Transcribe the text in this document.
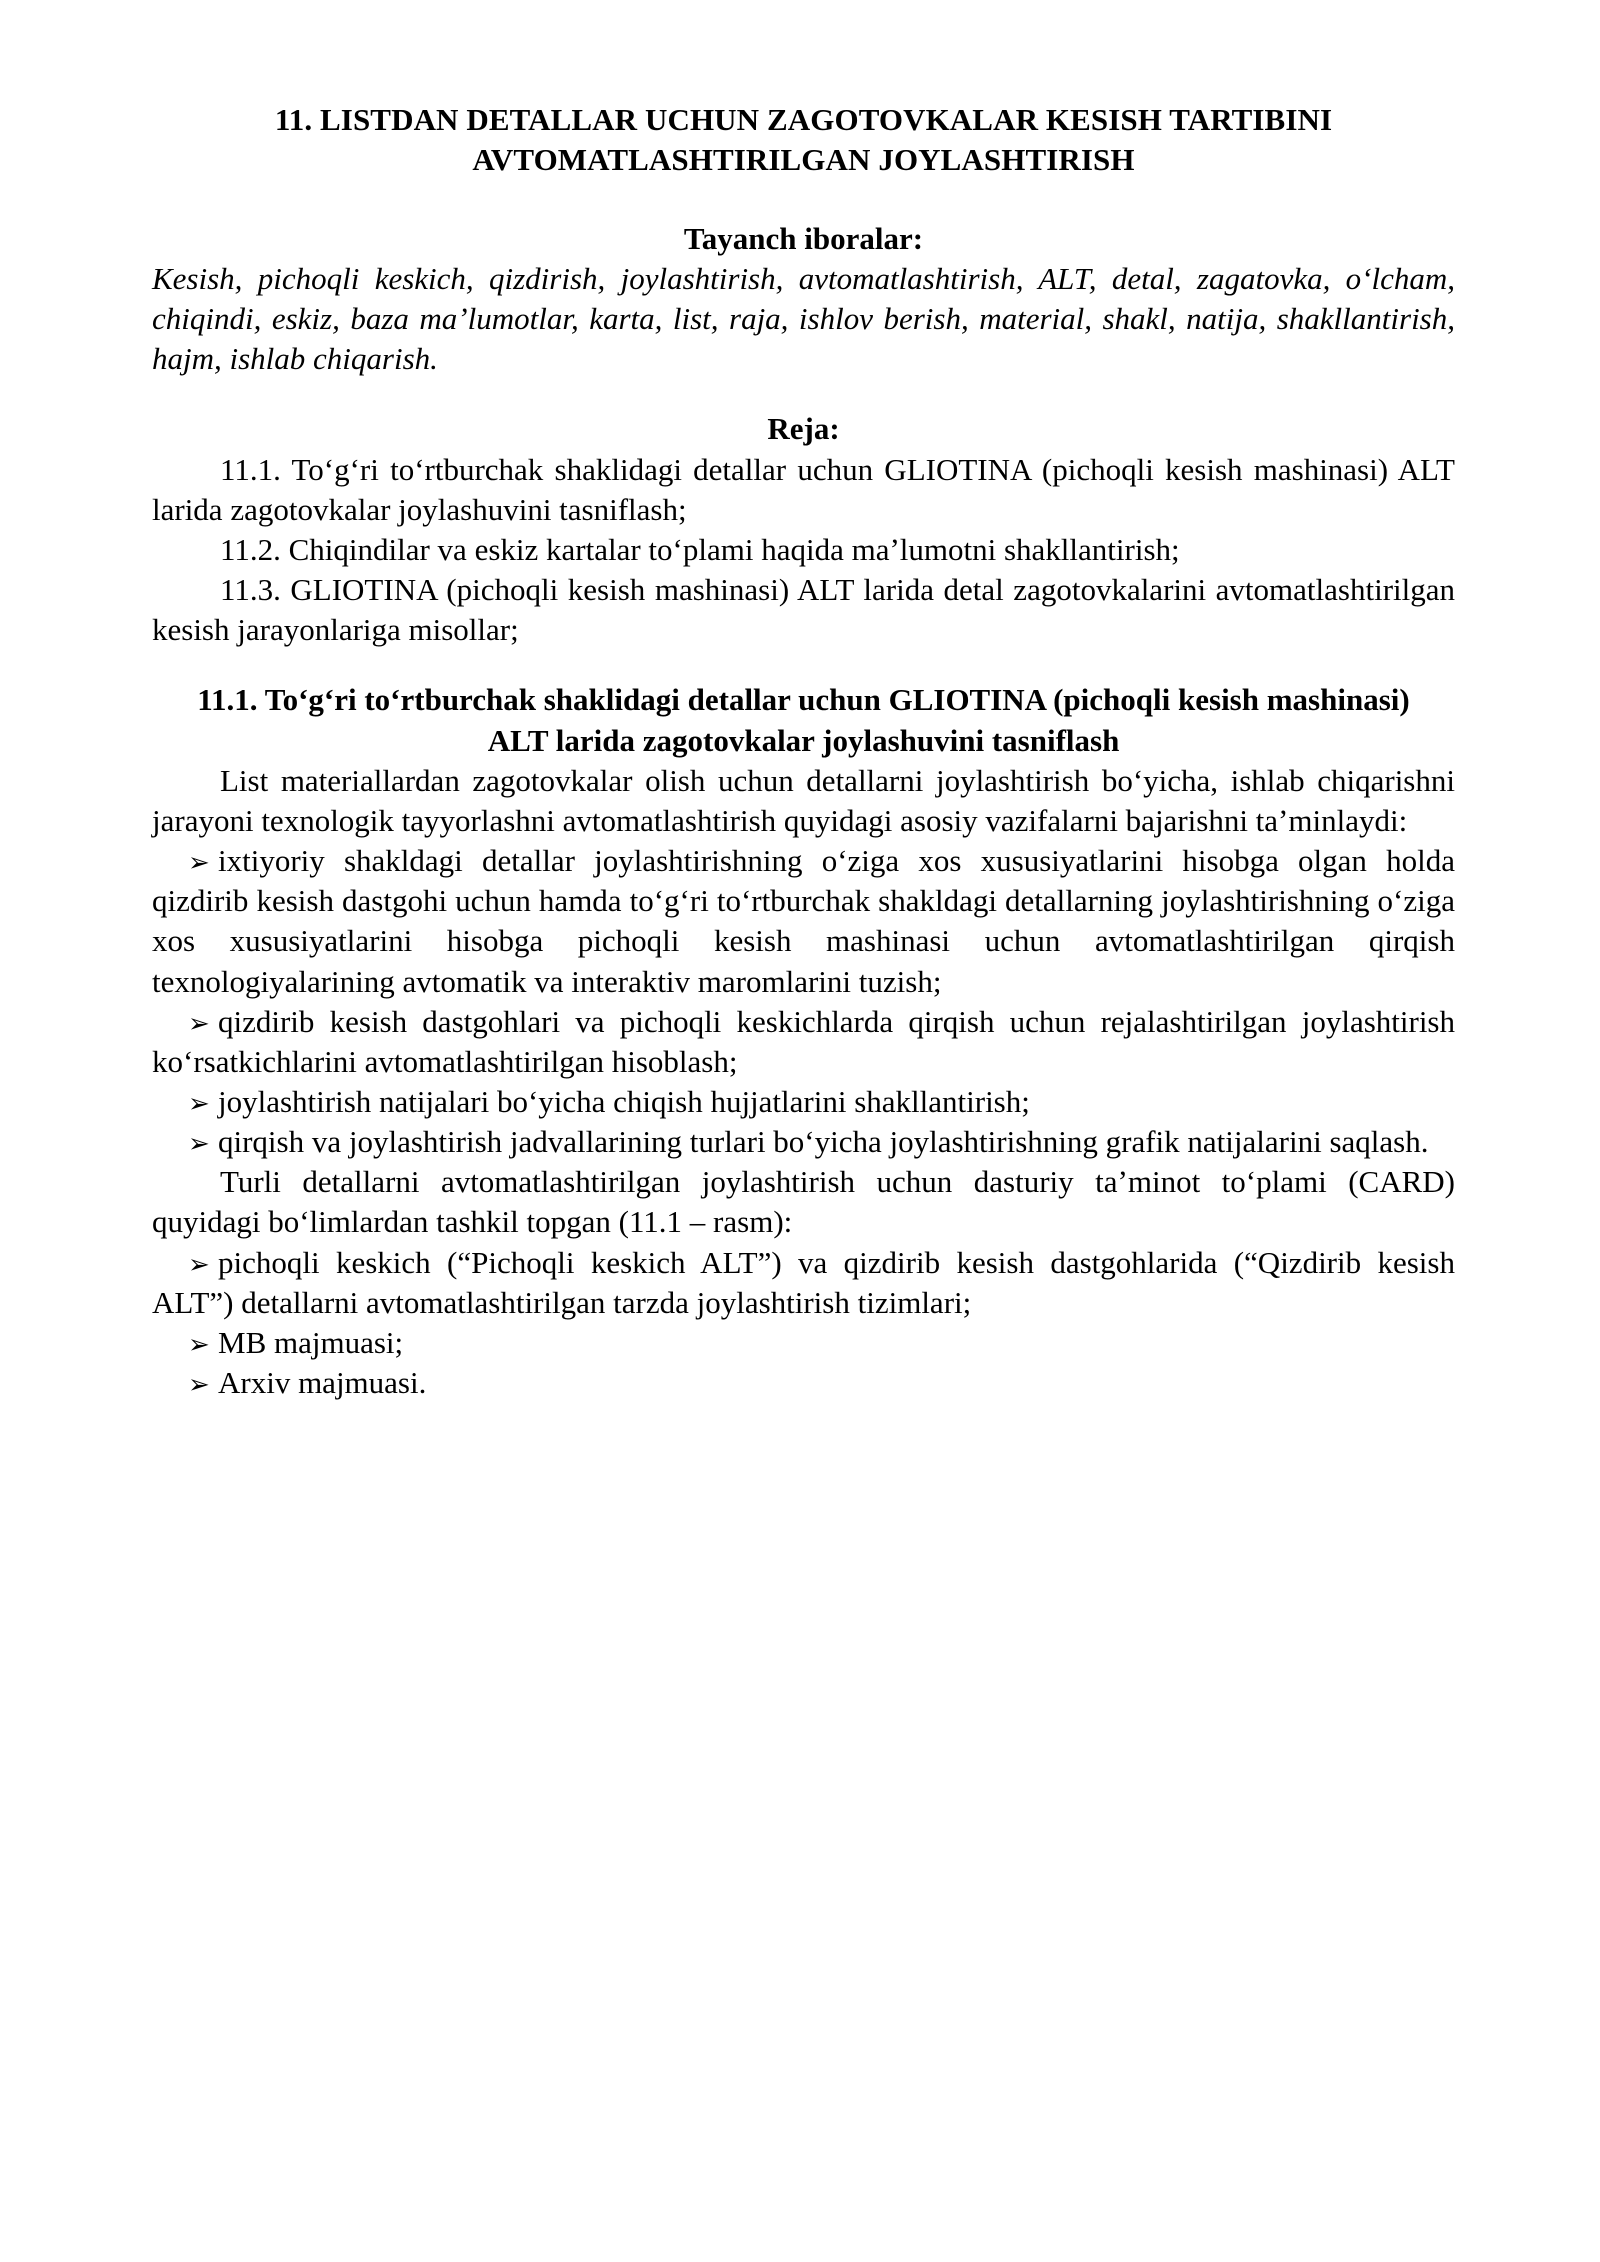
11. LISTDAN DETALLAR UCHUN ZAGOTOVKALAR KESISH TARTIBINI AVTOMATLASHTIRILGAN JOYLASHTIRISH
Tayanch iboralar:
Kesish, pichoqli keskich, qizdirish, joylashtirish, avtomatlashtirish, ALT, detal, zagatovka, oʻlcham, chiqindi, eskiz, baza maʼlumotlar, karta, list, raja, ishlov berish, material, shakl, natija, shakllantirish, hajm, ishlab chiqarish.
Reja:

11.1. Toʻgʻri toʻrtburchak shaklidagi detallar uchun GLIOTINA (pichoqli kesish mashinasi) ALT larida zagotovkalar joylashuvini tasniflash;

11.2. Chiqindilar va eskiz kartalar toʻplami haqida maʼlumotni shakllantirish;

11.3. GLIOTINA (pichoqli kesish mashinasi) ALT larida detal zagotovkalarini avtomatlashtirilgan kesish jarayonlariga misollar;

11.1. Toʻgʻri toʻrtburchak shaklidagi detallar uchun GLIOTINA (pichoqli kesish mashinasi) ALT larida zagotovkalar joylashuvini tasniflash

List materiallardan zagotovkalar olish uchun detallarni joylashtirish boʻyicha, ishlab chiqarishni jarayoni texnologik tayyorlashni avtomatlashtirish quyidagi asosiy vazifalarni bajarishni taʼminlaydi:

➢ ixtiyoriy shakldagi detallar joylashtirishning oʻziga xos xususiyatlarini hisobga olgan holda qizdirib kesish dastgohi uchun hamda toʻgʻri toʻrtburchak shakldagi detallarning joylashtirishning oʻziga xos xususiyatlarini hisobga pichoqli kesish mashinasi uchun avtomatlashtirilgan qirqish texnologiyalarining avtomatik va interaktiv maromlarini tuzish;
➢ qizdirib kesish dastgohlari va pichoqli keskichlarda qirqish uchun rejalashtirilgan joylashtirish koʻrsatkichlarini avtomatlashtirilgan hisoblash;
➢ joylashtirish natijalari boʻyicha chiqish hujjatlarini shakllantirish;
➢ qirqish va joylashtirish jadvallarining turlari boʻyicha joylashtirishning grafik natijalarini saqlash.

Turli detallarni avtomatlashtirilgan joylashtirish uchun dasturiy taʼminot toʻplami (CARD) quyidagi boʻlimlardan tashkil topgan (11.1 – rasm):

➢ pichoqli keskich (“Pichoqli keskich ALT”) va qizdirib kesish dastgohlarida (“Qizdirib kesish ALT”) detallarni avtomatlashtirilgan tarzda joylashtirish tizimlari;
➢ MB majmuasi;
➢ Arxiv majmuasi.
